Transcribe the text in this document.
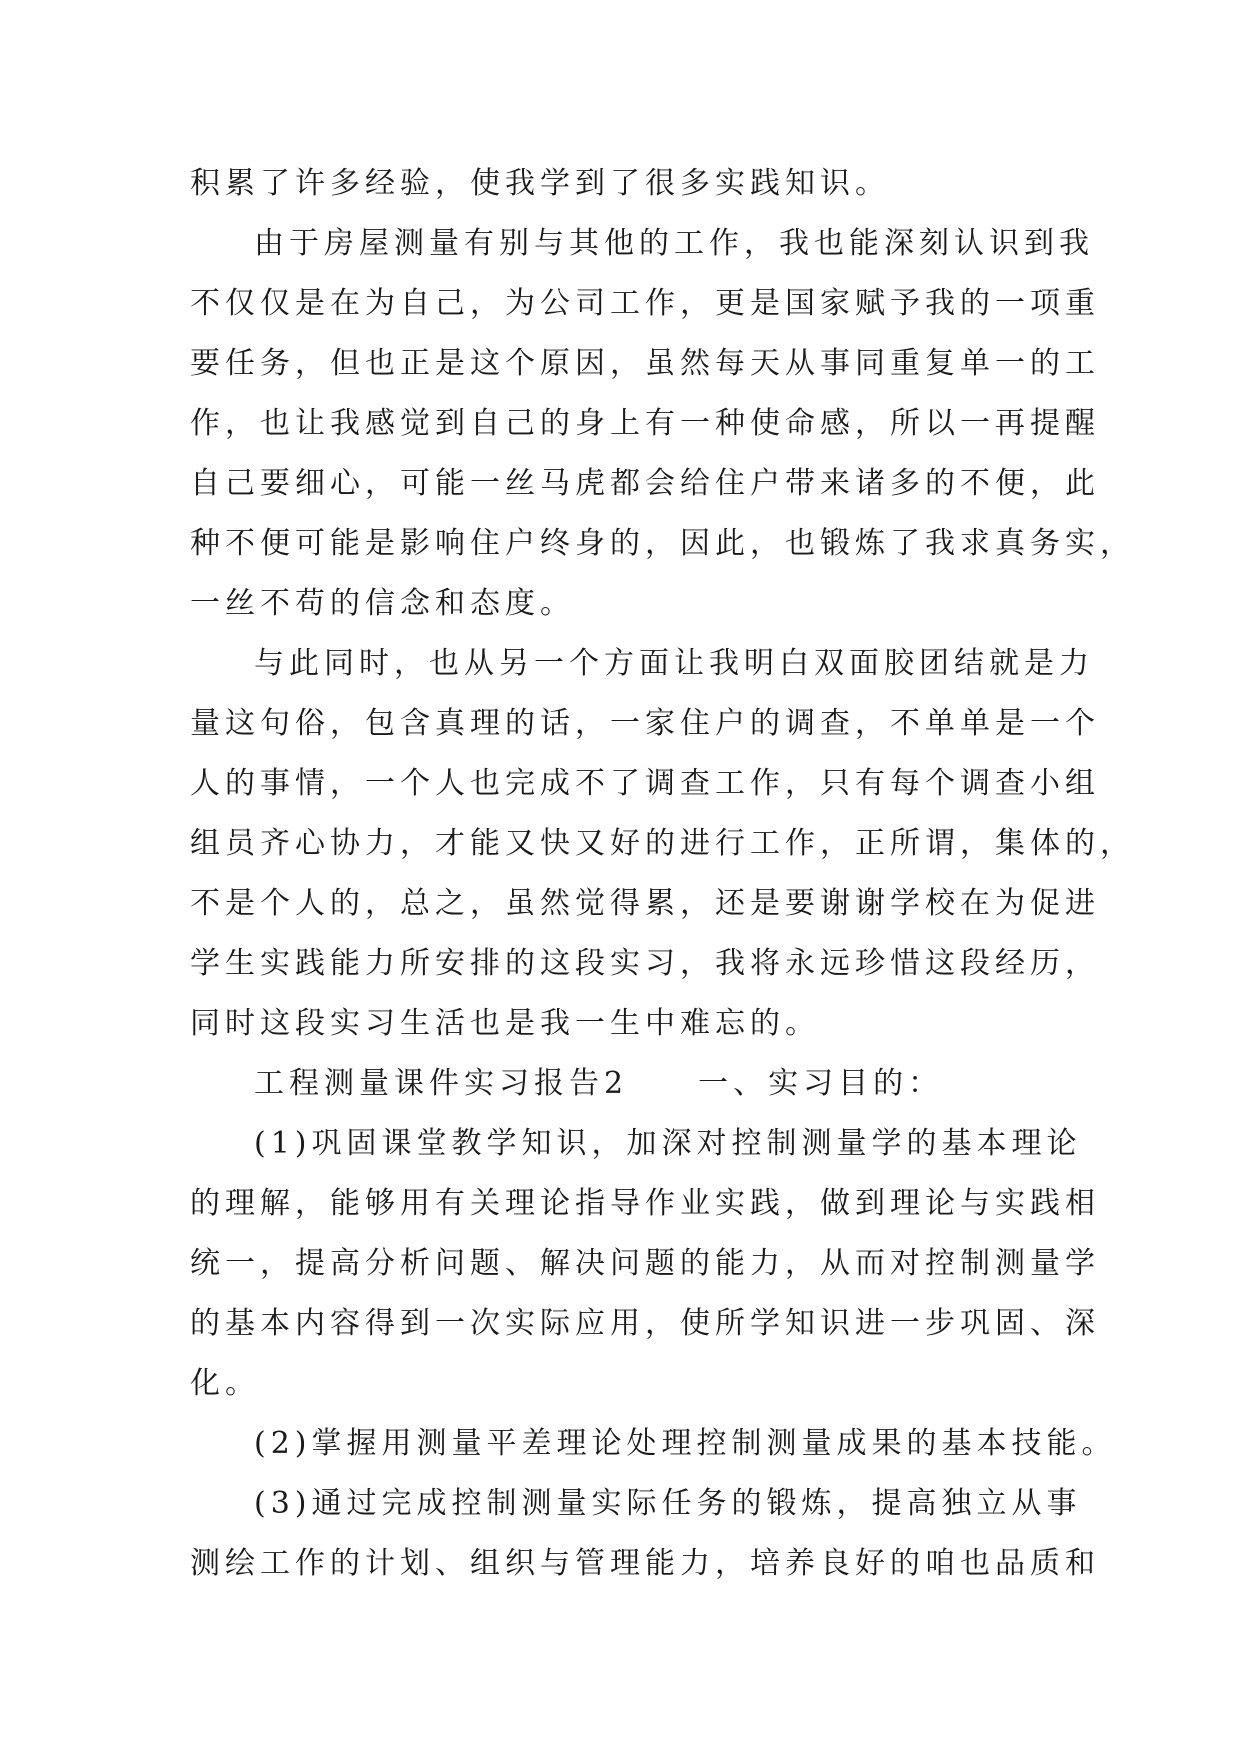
积累了许多经验，使我学到了很多实践知识。
由于房屋测量有别与其他的工作，我也能深刻认识到我
不仅仅是在为自己，为公司工作，更是国家赋予我的一项重
要任务，但也正是这个原因，虽然每天从事同重复单一的工
作，也让我感觉到自己的身上有一种使命感，所以一再提醒
自己要细心，可能一丝马虎都会给住户带来诸多的不便，此
种不便可能是影响住户终身的，因此，也锻炼了我求真务实，
一丝不苟的信念和态度。
与此同时，也从另一个方面让我明白双面胶团结就是力
量这句俗，包含真理的话，一家住户的调查，不单单是一个
人的事情，一个人也完成不了调查工作，只有每个调查小组
组员齐心协力，才能又快又好的进行工作，正所谓，集体的，
不是个人的，总之，虽然觉得累，还是要谢谢学校在为促进
学生实践能力所安排的这段实习，我将永远珍惜这段经历，
同时这段实习生活也是我一生中难忘的。
工程测量课件实习报告2　　一、实习目的：
(1)巩固课堂教学知识，加深对控制测量学的基本理论
的理解，能够用有关理论指导作业实践，做到理论与实践相
统一，提高分析问题、解决问题的能力，从而对控制测量学
的基本内容得到一次实际应用，使所学知识进一步巩固、深
化。
(2)掌握用测量平差理论处理控制测量成果的基本技能。
(3)通过完成控制测量实际任务的锻炼，提高独立从事
测绘工作的计划、组织与管理能力，培养良好的咱也品质和
